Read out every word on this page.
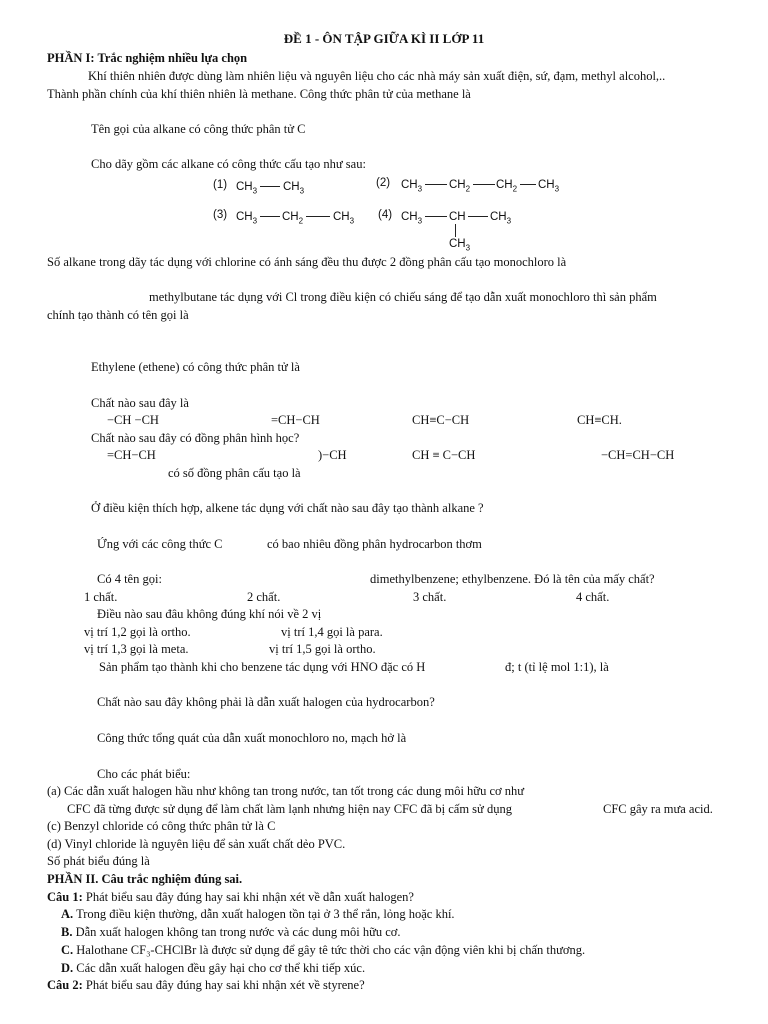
ĐỀ 1 - ÔN TẬP GIỮA KÌ II LỚP 11
PHẦN I: Trắc nghiệm nhiều lựa chọn
Khí thiên nhiên được dùng làm nhiên liệu và nguyên liệu cho các nhà máy sản xuất điện, sứ, đạm, methyl alcohol,..
Thành phần chính của khí thiên nhiên là methane. Công thức phân tử của methane là
Tên gọi của alkane có công thức phân tử C
Cho dãy gồm các alkane có công thức cấu tạo như sau:
(1) $CH_3$ $CH_3$
(2) $CH_3$ $CH_2$ $CH_2$ $CH_3$
(3) $CH_3$ $CH_2$	$CH_3$ (4) $CH_3$ CH $CH_3$
$CH_3$
Số alkane trong dãy tác dụng với chlorine có ánh sáng đều thu được 2 đồng phân cấu tạo monochloro là
methylbutane tác dụng với Cl trong điều kiện có chiếu sáng để tạo dẫn xuất monochloro thì sản phẩm
chính tạo thành có tên gọi là
Ethylene (ethene) có công thức phân tử là
Chất nào sau đây là
−CH −CH	=CH−CH	CH≡C−CH	CH≡CH.
Chất nào sau đây có đồng phân hình học?
=CH−CH	)−CH	CH ≡ C−CH	−CH=CH−CH
có số đồng phân cấu tạo là
Ở điều kiện thích hợp, alkene tác dụng với chất nào sau đây tạo thành alkane ?
Ứng với các công thức C	có bao nhiêu đồng phân hydrocarbon thơm
Có 4 tên gọi:	dimethylbenzene; ethylbenzene. Đó là tên của mấy chất?
1 chất.	2 chất.	3 chất.	4 chất.
Điều nào sau đâu không đúng khí nói về 2 vị
vị trí 1,2 gọi là ortho.	vị trí 1,4 gọi là para.
vị trí 1,3 gọi là meta.	vị trí 1,5 gọi là ortho.
Sản phẩm tạo thành khi cho benzene tác dụng với HNO đặc có H	đ; t (tỉ lệ mol 1:1), là
Chất nào sau đây không phải là dẫn xuất halogen của hydrocarbon?
Công thức tổng quát của dẫn xuất monochloro no, mạch hở là
Cho các phát biểu:
(a) Các dẫn xuất halogen hầu như không tan trong nước, tan tốt trong các dung môi hữu cơ như
CFC đã từng được sử dụng để làm chất làm lạnh nhưng hiện nay CFC đã bị cấm sử dụng	CFC gây ra mưa acid.
(c) Benzyl chloride có công thức phân tử là C
(d) Vinyl chloride là nguyên liệu để sản xuất chất dẻo PVC.
Số phát biểu đúng là
PHẦN II. Câu trắc nghiệm đúng sai.
Câu 1: Phát biểu sau đây đúng hay sai khi nhận xét về dẫn xuất halogen?
A. Trong điều kiện thường, dẫn xuất halogen tồn tại ở 3 thể rắn, lỏng hoặc khí.
B. Dẫn xuất halogen không tan trong nước và các dung môi hữu cơ.
C. Halothane CF₃-CHClBr là được sử dụng để gây tê tức thời cho các vận động viên khi bị chấn thương.
D. Các dẫn xuất halogen đều gây hại cho cơ thể khi tiếp xúc.
Câu 2: Phát biểu sau đây đúng hay sai khi nhận xét về styrene?
